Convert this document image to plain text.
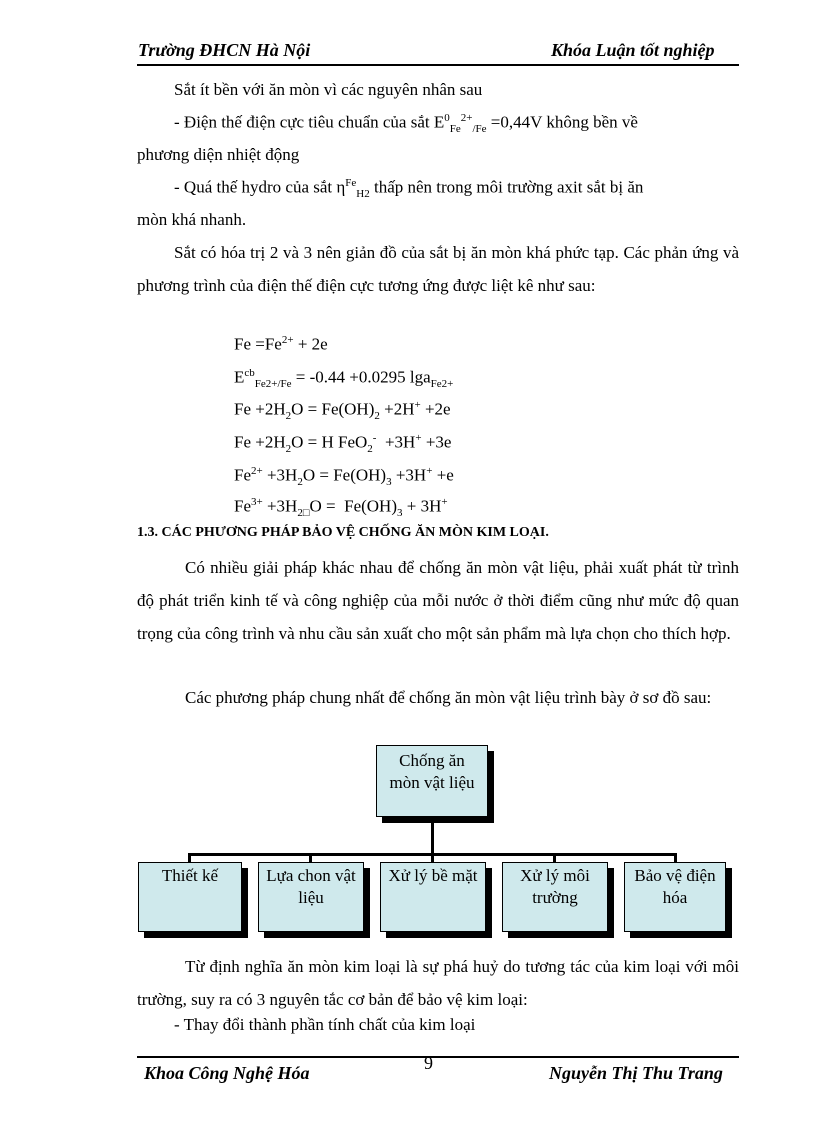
Trường ĐHCN Hà Nội	Khóa Luận tốt nghiệp
Sắt ít bền với ăn mòn vì các nguyên nhân sau
- Điện thế điện cực tiêu chuẩn của sắt $E^0_{Fe}^{2+}_{/Fe} =0,44V$ không bền về
phương diện nhiệt động
- Quá thế hydro của sắt $\eta^{Fe}_{H2}$ thấp nên trong môi trường axit sắt bị ăn
mòn khá nhanh.
Sắt có hóa trị 2 và 3 nên giản đồ của sắt bị ăn mòn khá phức tạp. Các phản ứng và phương trình của điện thế điện cực tương ứng được liệt kê như sau:
$Fe =Fe^{2+} + 2e$
$E^{cb}_{Fe2+/Fe} = -0.44 +0.0295$ lga$_{Fe2+}$
$Fe +2H_2O = Fe(OH)_2 +2H^+ +2e$
$Fe +2H_2O = H$ FeO$_2$-  +3H+ +3e
$Fe^{2+} +3H_2O = Fe(OH)_3 +3H^+ +e$
$Fe^{3+} +3H_{2□}O = Fe(OH)_3 + 3H^+$
1.3. CÁC PHƯƠNG PHÁP BẢO VỆ CHỐNG ĂN MÒN KIM LOẠI.
Có nhiều giải pháp khác nhau để chống ăn mòn vật liệu, phải xuất phát từ trình độ phát triển kinh tế và công nghiệp của mỗi nước ở thời điểm cũng như mức độ quan trọng của công trình và nhu cầu sản xuất cho một sản phẩm mà lựa chọn cho thích hợp.
Các phương pháp chung nhất để chống ăn mòn vật liệu trình bày ở sơ đồ sau:
Chống ăn
mòn vật liệu
Thiết kế	Lựa chon vật
liệu
Xử lý bề mặt	Xử lý môi
trường
Bảo vệ điện
hóa
Từ định nghĩa ăn mòn kim loại là sự phá huỷ do tương tác của kim loại với môi trường, suy ra có 3 nguyên tắc cơ bản để bảo vệ kim loại:
- Thay đổi thành phần tính chất của kim loại
Khoa Công Nghệ Hóa	9	Nguyễn Thị Thu Trang
